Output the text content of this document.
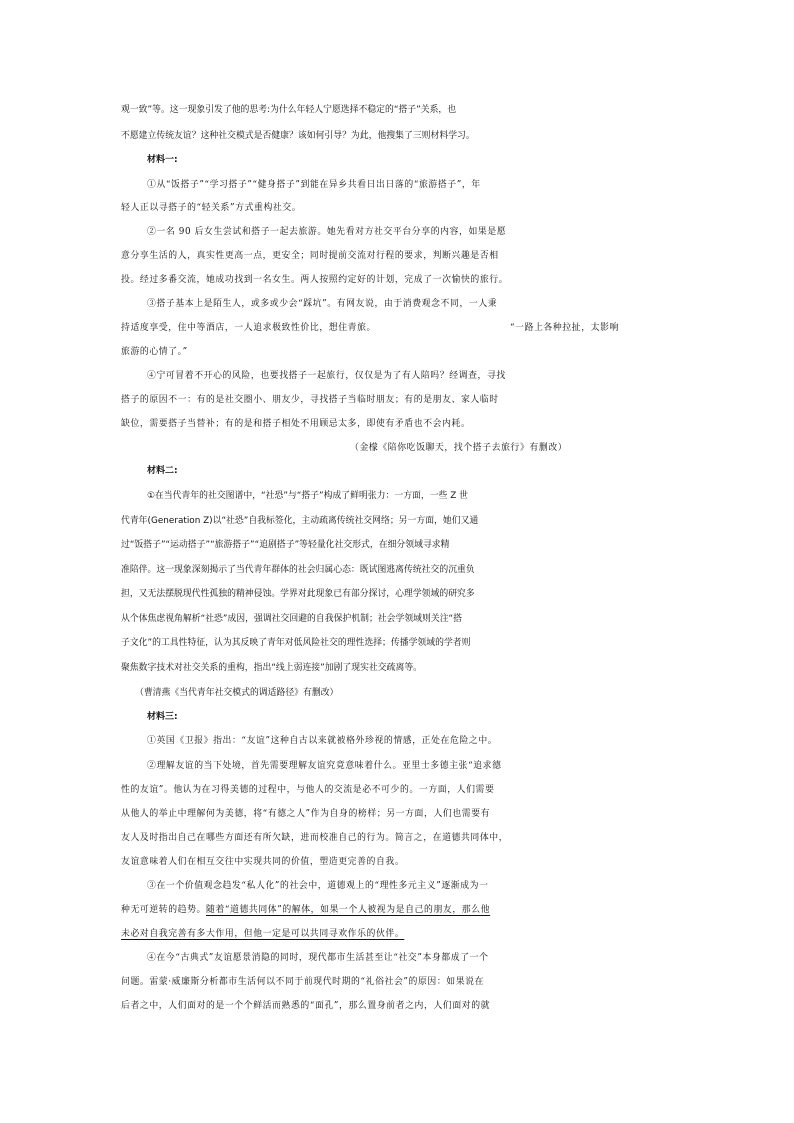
观一致”等。这一现象引发了他的思考:为什么年轻人宁愿选择不稳定的“搭子”关系，也

不愿建立传统友谊？这种社交模式是否健康？该如何引导？为此，他搜集了三则材料学习。

材料一:

①从“饭搭子”“学习搭子”“健身搭子”到能在异乡共看日出日落的“旅游搭子”，年

轻人正以寻搭子的“轻关系”方式重构社交。

②一名 90 后女生尝试和搭子一起去旅游。她先看对方社交平台分享的内容，如果是愿

意分享生活的人，真实性更高一点，更安全；同时提前交流对行程的要求，判断兴趣是否相

投。经过多番交流，她成功找到一名女生。两人按照约定好的计划，完成了一次愉快的旅行。

③搭子基本上是陌生人，或多或少会“踩坑”。有网友说，由于消费观念不同，一人秉

持适度享受，住中等酒店，一人追求极致性价比，想住青旅。	“一路上各种拉扯，太影响

旅游的心情了。”

④宁可冒着不开心的风险，也要找搭子一起旅行，仅仅是为了有人陪吗？经调查，寻找

搭子的原因不一：有的是社交圈小、朋友少，寻找搭子当临时朋友；有的是朋友、家人临时

缺位，需要搭子当替补；有的是和搭子相处不用顾忌太多，即使有矛盾也不会内耗。

（金檬《陪你吃饭聊天，找个搭子去旅行》有删改）

材料二:

①在当代青年的社交图谱中，“社恐”与“搭子”构成了鲜明张力：一方面，一些 Z 世

代青年(Generation Z)以“社恐”自我标签化，主动疏离传统社交网络；另一方面，她们又通

过“饭搭子”“运动搭子”“旅游搭子”“追剧搭子”等轻量化社交形式，在细分领域寻求精

准陪伴。这一现象深刻揭示了当代青年群体的社会归属心态：既试图逃离传统社交的沉重负

担，又无法摆脱现代性孤独的精神侵蚀。学界对此现象已有部分探讨，心理学领域的研究多

从个体焦虑视角解析“社恐”成因，强调社交回避的自我保护机制；社会学领域则关注“搭

子文化”的工具性特征，认为其反映了青年对低风险社交的理性选择；传播学领域的学者则

聚焦数字技术对社交关系的重构，指出“线上弱连接”加剧了现实社交疏离等。

（曹清燕《当代青年社交模式的调适路径》有删改）

材料三:

①英国《卫报》指出：“友谊”这种自古以来就被格外珍视的情感，正处在危险之中。

②理解友谊的当下处境，首先需要理解友谊究竟意味着什么。亚里士多德主张“追求德

性的友谊”。他认为在习得美德的过程中，与他人的交流是必不可少的。一方面，人们需要

从他人的举止中理解何为美德，将“有德之人”作为自身的榜样；另一方面，人们也需要有

友人及时指出自己在哪些方面还有所欠缺，进而校准自己的行为。简言之，在道德共同体中，

友谊意味着人们在相互交往中实现共同的价值，塑造更完善的自我。

③在一个价值观念趋发“私人化”的社会中，道德观上的“理性多元主义”逐渐成为一

种无可逆转的趋势。随着“道德共同体”的解体，如果一个人被视为是自己的朋友，那么他

未必对自我完善有多大作用，但他一定是可以共同寻欢作乐的伙伴。

④在今“古典式”友谊愿景消隐的同时，现代都市生活甚至让“社交”本身都成了一个

问题。雷蒙·威廉斯分析都市生活何以不同于前现代时期的“礼俗社会”的原因：如果说在

后者之中，人们面对的是一个个鲜活而熟悉的“面孔”，那么置身前者之内，人们面对的就
